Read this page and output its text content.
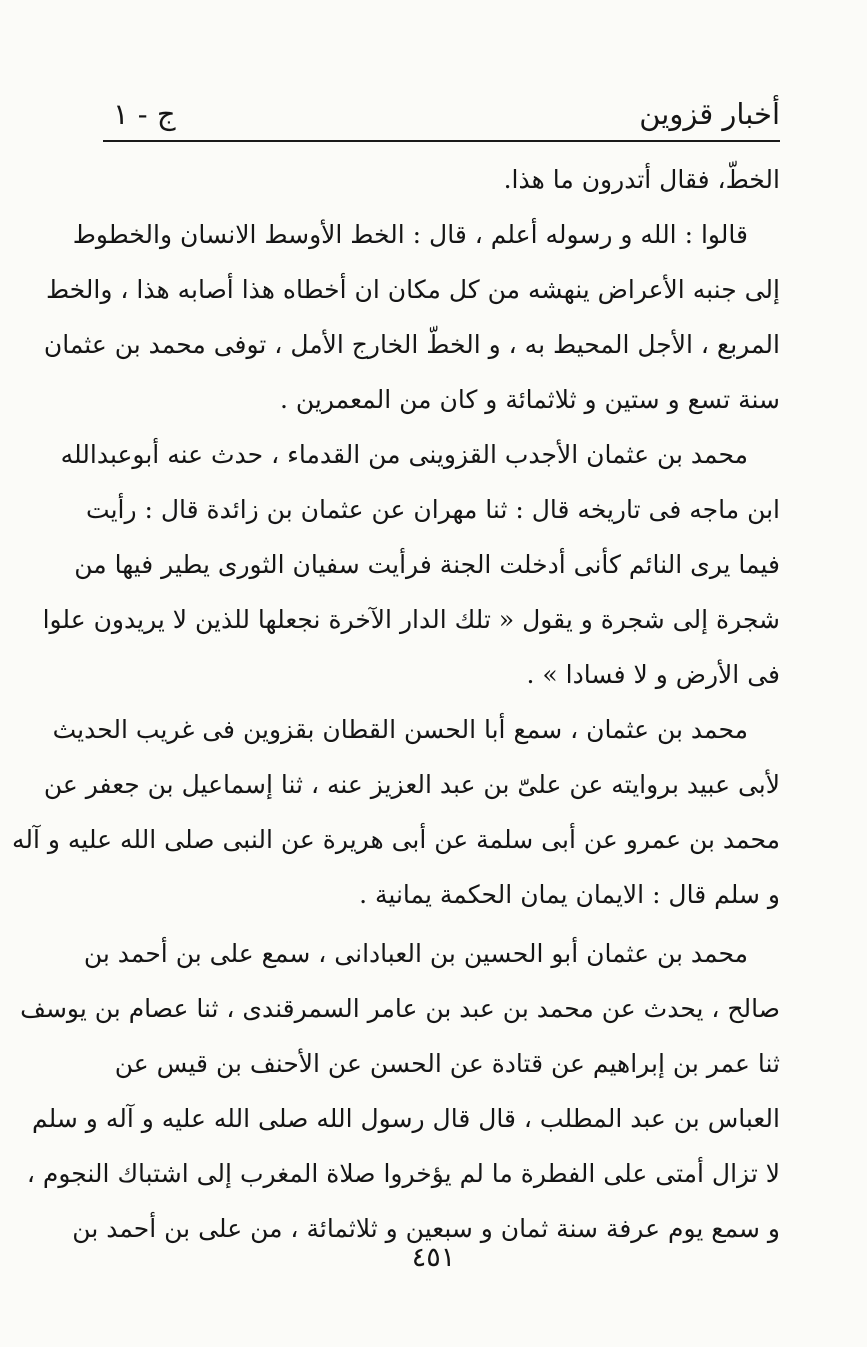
أخبار قزوين
ج - ١
الخطّ، فقال أتدرون ما هذا.
قالوا : الله و رسوله أعلم ، قال : الخط الأوسط الانسان والخطوط
إلى جنبه الأعراض ينهشه من كل مكان ان أخطاه هذا أصابه هذا ، والخط
المربع ، الأجل المحيط به ، و الخطّ الخارج الأمل ، توفى محمد بن عثمان
سنة تسع و ستين و ثلاثمائة و كان من المعمرين .
محمد بن عثمان الأجدب القزوينى من القدماء ، حدث عنه أبوعبدالله
ابن ماجه فى تاريخه قال : ثنا مهران عن عثمان بن زائدة قال : رأيت
فيما يرى النائم كأنى أدخلت الجنة فرأيت سفيان الثورى يطير فيها من
شجرة إلى شجرة و يقول « تلك الدار الآخرة نجعلها للذين لا يريدون علوا
فى الأرض و لا فسادا » .
محمد بن عثمان ، سمع أبا الحسن القطان بقزوين فى غريب الحديث
لأبى عبيد بروايته عن علىّ بن عبد العزيز عنه ، ثنا إسماعيل بن جعفر عن
محمد بن عمرو عن أبى سلمة عن أبى هريرة عن النبى صلى الله عليه و آله
و سلم قال : الايمان يمان الحكمة يمانية .
محمد بن عثمان أبو الحسين بن العبادانى ، سمع على بن أحمد بن
صالح ، يحدث عن محمد بن عبد بن عامر السمرقندى ، ثنا عصام بن يوسف
ثنا عمر بن إبراهيم عن قتادة عن الحسن عن الأحنف بن قيس عن
العباس بن عبد المطلب ، قال قال رسول الله صلى الله عليه و آله و سلم
لا تزال أمتى على الفطرة ما لم يؤخروا صلاة المغرب إلى اشتباك النجوم ،
و سمع يوم عرفة سنة ثمان و سبعين و ثلاثمائة ، من على بن أحمد بن
٤٥١
